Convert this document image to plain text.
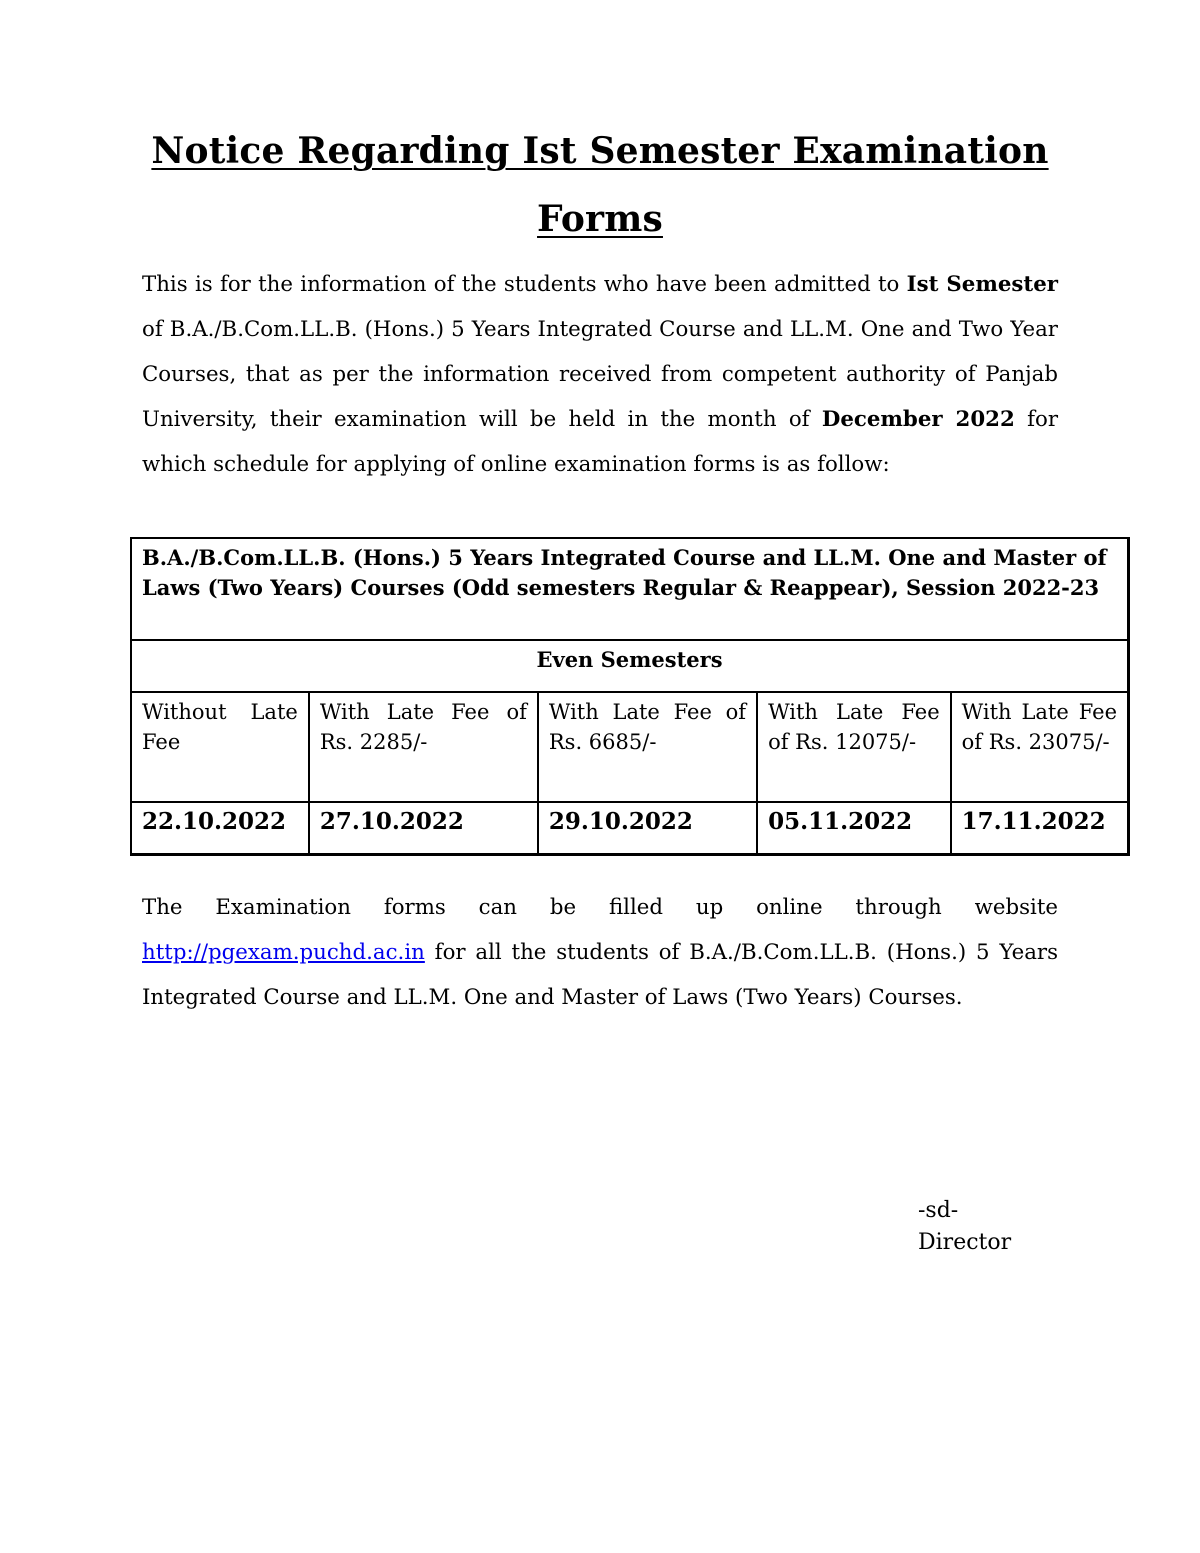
Notice Regarding Ist Semester Examination
Forms

This is for the information of the students who have been admitted to Ist Semester of B.A./B.Com.LL.B. (Hons.) 5 Years Integrated Course and LL.M. One and Two Year Courses, that as per the information received from competent authority of Panjab University, their examination will be held in the month of December 2022 for which schedule for applying of online examination forms is as follow:

B.A./B.Com.LL.B. (Hons.) 5 Years Integrated Course and LL.M. One and Master of Laws (Two Years) Courses (Odd semesters Regular & Reappear), Session 2022-23				
Even Semesters				
Without Late Fee	With Late Fee of Rs. 2285/-	With Late Fee of Rs. 6685/-	With Late Fee of Rs. 12075/-	With Late Fee of Rs. 23075/-
22.10.2022	27.10.2022	29.10.2022	05.11.2022	17.11.2022

The Examination forms can be filled up online through website http://pgexam.puchd.ac.in for all the students of B.A./B.Com.LL.B. (Hons.) 5 Years Integrated Course and LL.M. One and Master of Laws (Two Years) Courses.

-sd-
Director
